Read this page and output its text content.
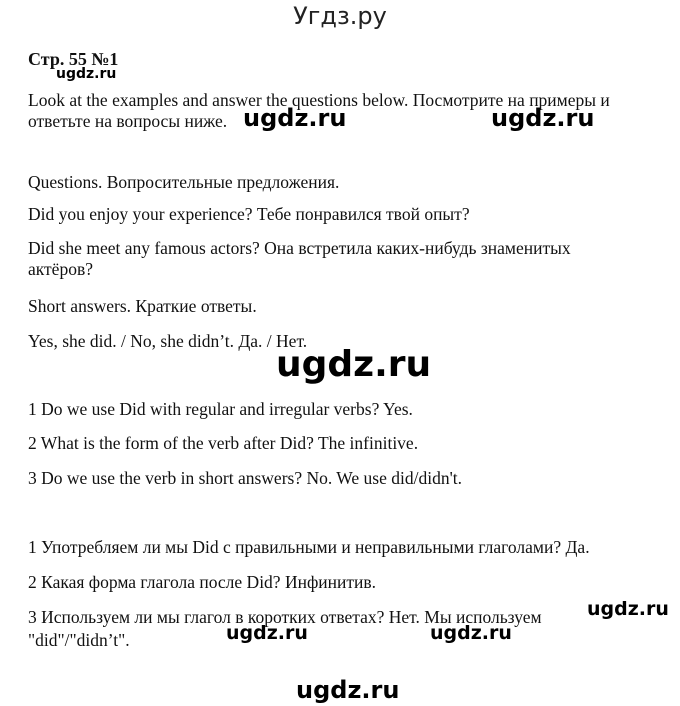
Угдз.ру

Стр. 55 №1

Look at the examples and answer the questions below. Посмотрите на примеры и

ответьте на вопросы ниже.

Questions. Вопросительные предложения.

Did you enjoy your experience? Тебе понравился твой опыт?

Did she meet any famous actors? Она встретила каких-нибудь знаменитых

актёров?

Short answers. Краткие ответы.

Yes, she did. / No, she didn’t. Да. / Нет.

1 Do we use Did with regular and irregular verbs? Yes.

2 What is the form of the verb after Did? The infinitive.

3 Do we use the verb in short answers? No. We use did/didn't.

1 Употребляем ли мы Did с правильными и неправильными глаголами? Да.

2 Какая форма глагола после Did? Инфинитив.

3 Используем ли мы глагол в коротких ответах? Нет. Мы используем

"did"/"didn’t".

ugdz.ru
ugdz.ru	ugdz.ru
ugdz.ru
ugdz.ru
ugdz.ru	ugdz.ru
ugdz.ru
